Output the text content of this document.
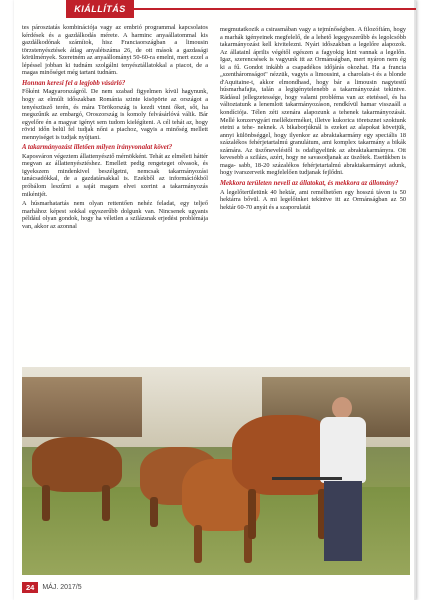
KIÁLLÍTÁS

tes párosztatás kombinációja vagy az embrió programmal kapcsolatos kérdések és a gazdálkodás mérete. A harminc anyaállatommal kis gazdálkodónak számítok, hisz Franciaországban a limousin törzstenyésztések átlag anyalétszáma 26, de ott mások a gazdasági körülmények. Szeretném az anyaállományt 50-60-ra emelni, mert ezzel a lépéssel jobban ki tudnám szolgálni tenyésztállatokkal a piacot, de a magas minőséget még tartani tudnám.

Honnan keresi fel a legjobb vásárló?

Főként Magyarországról. De nem szabad figyelmen kívül hagynunk, hogy az elmúlt időszakban Románia szinte kisöpörte az országot a tenyészüsző terén, és mára Törökország is kezdi vinni őket, sőt, ha megszűnik az embargó, Oroszország is komoly felvásárlóvá válik. Bár egyelőre én a magyar igényt sem tudom kielégíteni. A cél tehát az, hogy rövid időn belül fel tudjak nőni a piachoz, vagyis a minőség mellett mennyiséget is tudjak nyújtani.

A takarmányozást illetően milyen irányvonalat követ?

Kaposváron végeztem állattenyésztő mérnökként. Tehát az elméleti háttér megvan az állattenyésztéshez. Emellett pedig rengeteget olvasok, és igyekszem mindenkivel beszélgetni, nemcsak takarmányozási tanácsadókkal, de a gazdatársakkal is. Ezekből az információkból próbálom leszűrni a saját magam elvei szerint a takarmányozás mikéntjét.

A húsmarhatartás nem olyan rettentően nehéz feladat, egy teljeő marhához képest sokkal egyszerűbb dolgunk van. Nincsenek ugyanis például olyan gondok, hogy ha véletlen a szilázsnak erjedési problémája van, akkor az azonnal

megmutatkozik a csirasmában vagy a tejmínőségben. A filozófiám, hogy a marhák igényeinek megfelelő, de a lehető legegyszerűbb és legolcsóbb takarmányozást kell kivitelezni. Nyári időszakban a legelőre alapozok. Az állatainl április végétől egészen a fagyokig kint vannak a legelőn. Igaz, szerencsések is vagyunk itt az Ormánságban, mert nyáron nem ég ki a fű. Gondot inkább a csapadékos időjárás okozhat. Ha a francia „szentháromságot" nézzük, vagyis a limousint, a charolais-t és a blonde d'Aquitaine-t, akkor elmondhasd, hogy bár a limousin nagytestű húsmarhafajta, talán a legigénytelenebb a takarmányozást tekintve. Rádásul jellegzetessége, hogy valami probléma van az etetéssel, és ha változtatunk a lenemlott takarmányozáson, rendkívül hamar visszaáll a kondíciója. Télen zéti szenára alapozunk a tehenek takarmányozását. Mellé konzervgyári mellékterméket, illetve kukorica töretsznet szoktunk etetni a tehe- neknek. A bikaborjúknál is ezeket az alapokat követjük, annyi különbséggel, hogy ilyenkor az abraktakarmány egy speciális 18 százalékos fehérjetartalmú granulátum, ami komplex takarmány a bikák számára. Az üszőneveléstől is odafigyelünk az abraktakarmányra. Ott kevesebb a szilázs, azért, hogy ne savasodjanak az üszőtek. Esetükben is maga- sabb, 18-20 százalékos fehérjetartalmú abraktakarmányt adunk, hogy ivarszerveik megfelelően tudjanak fejlődni.

Mekkora területen neveli az állatokat, és mekkora az állomány?

A legelőterületünk 40 hektár, ami remélhetően egy hosszú távon is 50 hektárra bővül. A mi legelőinket tekintve itt az Ormánságban az 50 hektár 60-70 anyát és a szaporulatát

24	MÁJ. 2017/5
